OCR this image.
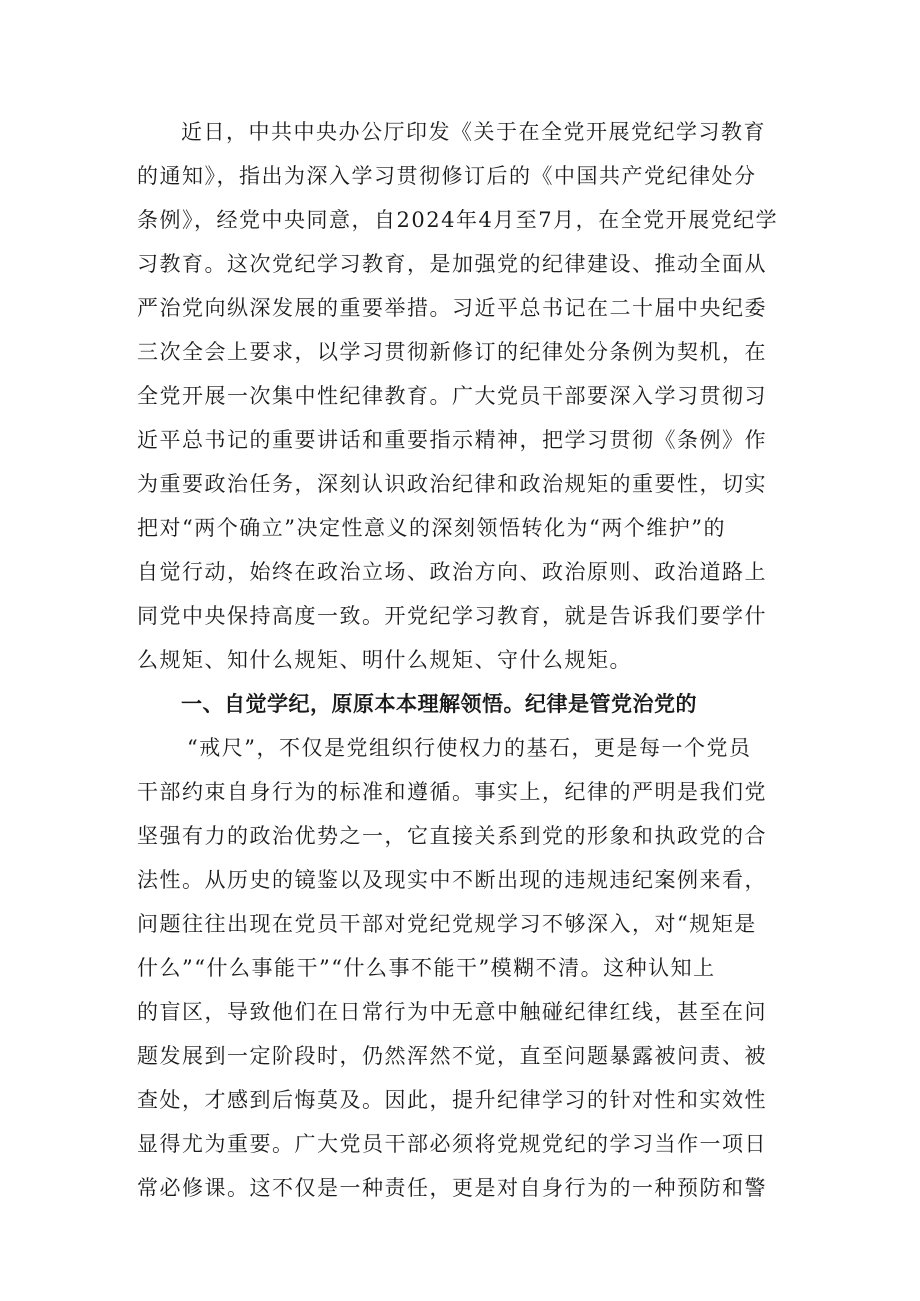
近日，中共中央办公厅印发《关于在全党开展党纪学习教育
的通知》，指出为深入学习贯彻修订后的《中国共产党纪律处分
条例》，经党中央同意，自2024年4月至7月，在全党开展党纪学
习教育。这次党纪学习教育，是加强党的纪律建设、推动全面从
严治党向纵深发展的重要举措。习近平总书记在二十届中央纪委
三次全会上要求，以学习贯彻新修订的纪律处分条例为契机，在
全党开展一次集中性纪律教育。广大党员干部要深入学习贯彻习
近平总书记的重要讲话和重要指示精神，把学习贯彻《条例》作
为重要政治任务，深刻认识政治纪律和政治规矩的重要性，切实
把对“两个确立”决定性意义的深刻领悟转化为“两个维护”的
自觉行动，始终在政治立场、政治方向、政治原则、政治道路上
同党中央保持高度一致。开党纪学习教育，就是告诉我们要学什
么规矩、知什么规矩、明什么规矩、守什么规矩。
一、自觉学纪，原原本本理解领悟。纪律是管党治党的
“戒尺”，不仅是党组织行使权力的基石，更是每一个党员
干部约束自身行为的标准和遵循。事实上，纪律的严明是我们党
坚强有力的政治优势之一，它直接关系到党的形象和执政党的合
法性。从历史的镜鉴以及现实中不断出现的违规违纪案例来看，
问题往往出现在党员干部对党纪党规学习不够深入，对“规矩是
什么”“什么事能干”“什么事不能干”模糊不清。这种认知上
的盲区，导致他们在日常行为中无意中触碰纪律红线，甚至在问
题发展到一定阶段时，仍然浑然不觉，直至问题暴露被问责、被
查处，才感到后悔莫及。因此，提升纪律学习的针对性和实效性
显得尤为重要。广大党员干部必须将党规党纪的学习当作一项日
常必修课。这不仅是一种责任，更是对自身行为的一种预防和警
